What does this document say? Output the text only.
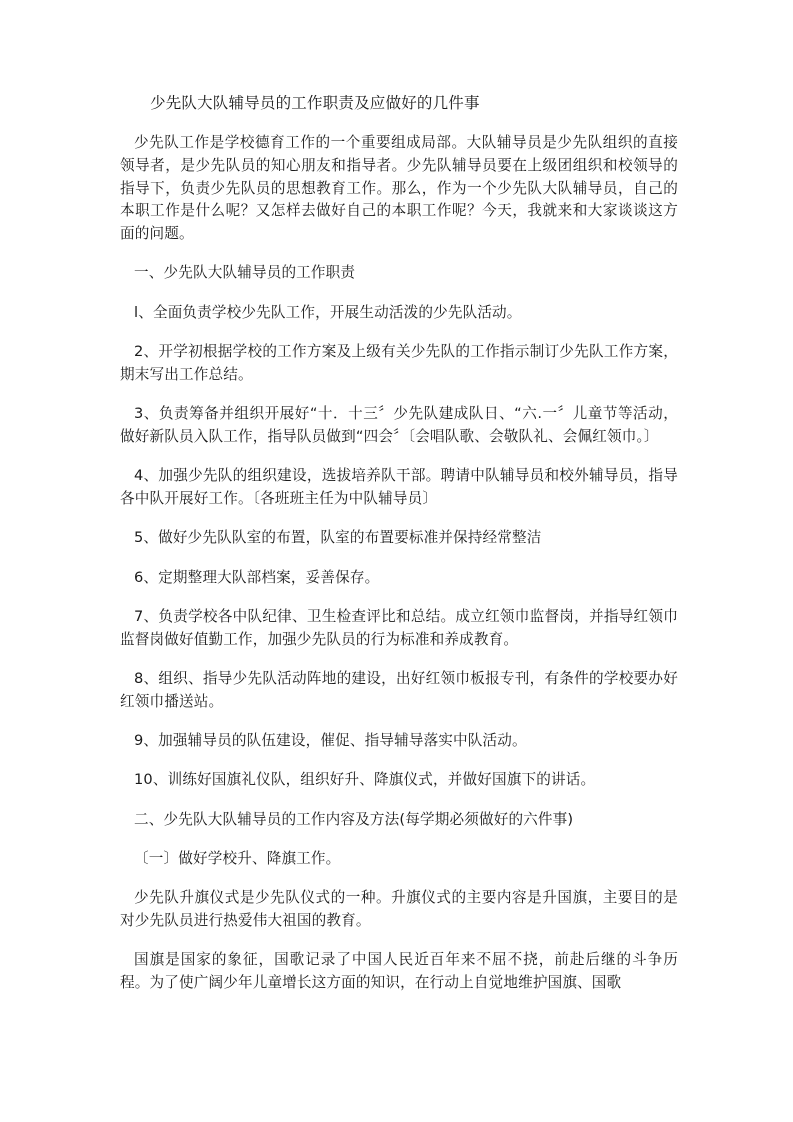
少先队大队辅导员的工作职责及应做好的几件事

少先队工作是学校德育工作的一个重要组成局部。大队辅导员是少先队组织的直接领导者，是少先队员的知心朋友和指导者。少先队辅导员要在上级团组织和校领导的指导下，负责少先队员的思想教育工作。那么，作为一个少先队大队辅导员，自己的本职工作是什么呢？又怎样去做好自己的本职工作呢？今天，我就来和大家谈谈这方面的问题。

一、少先队大队辅导员的工作职责

l、全面负责学校少先队工作，开展生动活泼的少先队活动。

2、开学初根据学校的工作方案及上级有关少先队的工作指示制订少先队工作方案，期末写出工作总结。

3、负责筹备并组织开展好“十．十三〞少先队建成队日、“六.一〞儿童节等活动，做好新队员入队工作，指导队员做到“四会〞〔会唱队歌、会敬队礼、会佩红领巾。〕

4、加强少先队的组织建设，选拔培养队干部。聘请中队辅导员和校外辅导员，指导各中队开展好工作。〔各班班主任为中队辅导员〕

5、做好少先队队室的布置，队室的布置要标准并保持经常整洁

6、定期整理大队部档案，妥善保存。

7、负责学校各中队纪律、卫生检查评比和总结。成立红领巾监督岗，并指导红领巾监督岗做好值勤工作，加强少先队员的行为标准和养成教育。

8、组织、指导少先队活动阵地的建设，出好红领巾板报专刊，有条件的学校要办好红领巾播送站。

9、加强辅导员的队伍建设，催促、指导辅导落实中队活动。

10、训练好国旗礼仪队，组织好升、降旗仪式，并做好国旗下的讲话。

二、少先队大队辅导员的工作内容及方法(每学期必须做好的六件事)

〔一〕做好学校升、降旗工作。

少先队升旗仪式是少先队仪式的一种。升旗仪式的主要内容是升国旗，主要目的是对少先队员进行热爱伟大祖国的教育。

国旗是国家的象征，国歌记录了中国人民近百年来不屈不挠，前赴后继的斗争历程。为了使广阔少年儿童增长这方面的知识，在行动上自觉地维护国旗、国歌
